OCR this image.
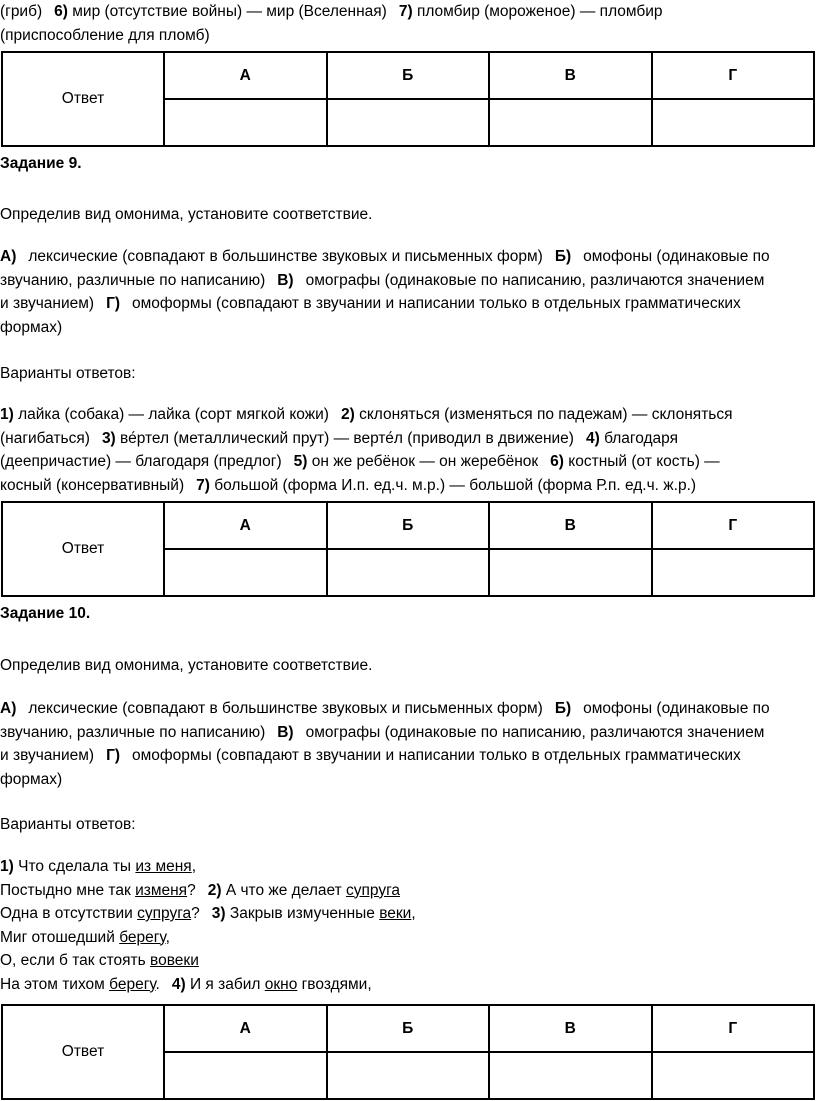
(гриб) 6) мир (отсутствие войны) — мир (Вселенная) 7) пломбир (мороженое) — пломбир
(приспособление для пломб)
Ответ	А	Б	В	Г

Задание 9.
Определив вид омонима, установите соответствие.
А) лексические (совпадают в большинстве звуковых и письменных форм) Б) омофоны (одинаковые по
звучанию, различные по написанию) В) омографы (одинаковые по написанию, различаются значением
и звучанием) Г) омоформы (совпадают в звучании и написании только в отдельных грамматических
формах)
Варианты ответов:
1) лайка (собака) — лайка (сорт мягкой кожи) 2) склоняться (изменяться по падежам) — склоняться
(нагибаться) 3) ве́ртел (металлический прут) — верте́л (приводил в движение) 4) благодаря
(деепричастие) — благодаря (предлог) 5) он же ребёнок — он жеребёнок 6) костный (от кость) —
косный (консервативный) 7) большой (форма И.п. ед.ч. м.р.) — большой (форма Р.п. ед.ч. ж.р.)
Ответ	А	Б	В	Г

Задание 10.
Определив вид омонима, установите соответствие.
А) лексические (совпадают в большинстве звуковых и письменных форм) Б) омофоны (одинаковые по
звучанию, различные по написанию) В) омографы (одинаковые по написанию, различаются значением
и звучанием) Г) омоформы (совпадают в звучании и написании только в отдельных грамматических
формах)
Варианты ответов:
1) Что сделала ты из меня,
Постыдно мне так изменя? 2) А что же делает супруга
Одна в отсутствии супруга? 3) Закрыв измученные веки,
Миг отошедший берегу,
О, если б так стоять вовеки
На этом тихом берегу. 4) И я забил окно гвоздями,
Ответ	А	Б	В	Г
